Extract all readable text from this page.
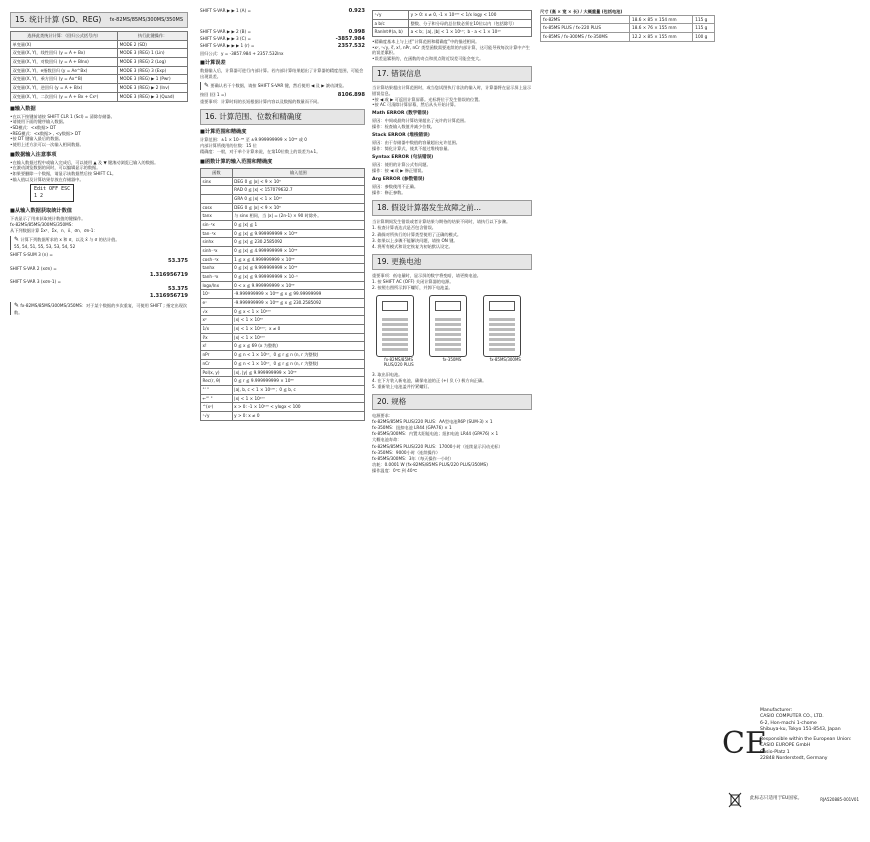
15. 统计计算 (SD、REG) fx-82MS/85MS/300MS/350MS
选择此类统计计算：（回归公式括号内）	执行此键操作：
单变量(X)	MODE 2 (SD)
双变量(X, Y)，线性回归 (y = A + Bx)	MODE 3 (REG) 1 (Lin)
双变量(X, Y)，对数回归 (y = A + Blnx)	MODE 3 (REG) 2 (Log)
双变量(X, Y)，e指数回归 (y = Ae^Bx)	MODE 3 (REG) 3 (Exp)
双变量(X, Y)，乘方回归 (y = Ax^B)	MODE 3 (REG) ▶ 1 (Pwr)
双变量(X, Y)，逆回归 (y = A + B/x)	MODE 3 (REG) ▶ 2 (Inv)
双变量(X, Y)，二次回归 (y = A + Bx + Cx²)	MODE 3 (REG) ▶ 3 (Quad)
■ 输入数据
• 在以下按键前请按 SHIFT CLR 1 (Scl) = 清除存储器。
• 请使用下面的键序输入数据。
• SD模式：<x数据> DT
• REG模式：<x数据> , <y数据> DT
• 按 DT 键输入最后的数据。
• 使用上述方法可以一次输入相同数据。
■ 数据输入注意事项
• 在输入数据过程中或输入完成后，可以使用 ▲ 及 ▼ 键滚动浏览已输入的数据。
• 在滚动浏览数据的同时，可以编辑显示的数据。
• 如果要删除一个数据，请显示该数据然后按 SHIFT CL。
• 输入值以及计算结果存放在存储器中。
Edit OFF ESC
1 2
■ 从输入数据获取统计数值

下表显示了用来获取统计数值的键操作。

fx-82MS/85MS/300MS/350MS：

从下列数据计算 Σx²、Σx、n、x̄、σn、σn-1：

✎ 计算下列数据所求的 x 和 σ，以及 x̄ 与 σ 的估计值。

55, 54, 51, 55, 53, 53, 54, 52

SHIFT S-SUM 3 (n) =

53.375

SHIFT S-VAR 2 (xσn) =

1.316956719

SHIFT S-VAR 3 (xσn-1) =

53.375
1.316956719
✎ fx-82MS/85MS/300MS/350MS：对于某个数据的多次重复，可使用 SHIFT ; 指定出现次数。
SHIFT S-VAR ▶ ▶ 1 (A) =	0.923
SHIFT S-VAR ▶ ▶ 2 (B) =	0.998
SHIFT S-VAR ▶ ▶ 3 (C) =	-3857.984
SHIFT S-VAR ▶ ▶ ▶ 1 (r) =	2357.532

回归公式：y = -3857.984 + 2357.532lnx

■ 计算误差

数据输入后，计算器可进行内部计算。若内部计算结果超出了计算器的精度范围，可能会出现误差。

✎ 要确认若干个数据，请按 SHIFT S-VAR 键，然后使用 ◀ 及 ▶ 滚动浏览。
按回 (回 1 =)	8106.898

重要事项：计算时间的长短根据计算内容以及数据的数量而不同。

16. 计算范围、位数和精确度
■ 计算范围和精确度

计算范围：±1 × 10⁻⁹⁹ 至 ±9.999999999 × 10⁹⁹ 或 0

内部计算所使用的位数：15 位

精确度：一般，对于单个计算来说，在第10位数上的误差为±1。

■ 函数计算的输入范围和精确度
函数	输入范围
sinx	DEG 0 ≦ |x| < 9 × 10⁹
	RAD 0 ≦ |x| < 157079632.7
	GRA 0 ≦ |x| < 1 × 10¹⁰
cosx	DEG 0 ≦ |x| < 9 × 10⁹
tanx	与 sinx 相同，当 |x| = (2n-1) × 90 时除外。
sin⁻¹x	0 ≦ |x| ≦ 1
tan⁻¹x	0 ≦ |x| ≦ 9.999999999 × 10⁹⁹
sinhx	0 ≦ |x| ≦ 230.2585092
sinh⁻¹x	0 ≦ |x| ≦ 4.999999999 × 10⁹⁹
cosh⁻¹x	1 ≦ x ≦ 4.999999999 × 10⁹⁹
tanhx	0 ≦ |x| ≦ 9.999999999 × 10⁹⁹
tanh⁻¹x	0 ≦ |x| ≦ 9.999999999 × 10⁻¹
logx/lnx	0 < x ≦ 9.999999999 × 10⁹⁹
10ˣ	-9.999999999 × 10⁹⁹ ≦ x ≦ 99.99999999
eˣ	-9.999999999 × 10⁹⁹ ≦ x ≦ 230.2585092
√x	0 ≦ x < 1 × 10¹⁰⁰
x²	|x| < 1 × 10⁵⁰
1/x	|x| < 1 × 10¹⁰⁰；x ≠ 0
∛x	|x| < 1 × 10¹⁰⁰
x!	0 ≦ x ≦ 69 (x 为整数)
nPr	0 ≦ n < 1 × 10¹⁰，0 ≦ r ≦ n (n, r 为整数)
nCr	0 ≦ n < 1 × 10¹⁰，0 ≦ r ≦ n (n, r 为整数)
Pol(x, y)	|x|, |y| ≦ 9.999999999 × 10⁹⁹
Rec(r, θ)	0 ≦ r ≦ 9.999999999 × 10⁹⁹
°' "	|a|, b, c < 1 × 10¹⁰⁰；0 ≦ b, c
←°' "	|x| < 1 × 10¹⁰⁰
^(xʸ)	x > 0: -1 × 10¹⁰⁰ < ylogx < 100
ˣ√y	y > 0: x ≠ 0
ˣ√y	y > 0: x ≠ 0, -1 × 10¹⁰⁰ < 1/x logy < 100
a b/c	整数、分子和分母的总位数必须在10位以内（包括除号）
RanInt#(a, b)	a < b；|a|, |b| < 1 × 10¹⁰；b - a < 1 × 10¹⁰
• 精确度基本上与上述“计算范围和精确度”中的描述相同。
• xʸ, ˣ√y, ∛, x!, nPr, nCr 类型函数需要连续的内部计算，这可能导致每次计算中产生的误差累积。
• 误差是累积的，在函数的奇点和拐点附近误差可能会变大。
17. 错误信息

当计算结果超出计算范围时，或当您试图执行非法的输入时，计算器将在显示屏上显示错误信息。

• 按 ◀ 或 ▶ 可返回计算屏幕。光标将位于发生错误的位置。
• 按 AC 可清除计算屏幕，然后从头开始计算。
Math ERROR (数学错误)

原因：中间或最终计算结果超出了允许的计算范围。

操作：检查输入数值并减少位数。

Stack ERROR (堆栈错误)

原因：由于存储器中数值的容量超出允许范围。

操作：简化计算式，使其不超过堆栈容量。

Syntax ERROR (句法错误)

原因：使用的计算公式有问题。

操作：按 ◀ 或 ▶ 修正错误。

Arg ERROR (参数错误)

原因：参数使用不正确。

操作：修正参数。

18. 假设计算器发生故障之前...

当计算期间发生错误或者计算结果与期待的结果不同时，请执行以下步骤。

1. 检查计算表达式是否包含错误。

2. 确保对所执行的计算类型使用了正确的模式。

3. 如果以上步骤不能解决问题，请按 ON 键。

4. 将所有模式和设定恢复为初始默认设定。

19. 更换电池

重要事项：低电量时，显示屏的数字将变暗，请更换电池。

1. 按 SHIFT AC (OFF) 关闭计算器的电源。

2. 按照右图所示卸下螺钉，并卸下电池盖。

fx-82MS/85MS PLUS/220 PLUS
fx-350MS	fx-85MS/300MS

3. 取出旧电池。

4. 在下方装入新电池，确保电池的正 (+) 负 (-) 极方向正确。

5. 重新装上电池盖并拧紧螺钉。

20. 规格

电源要求：

fx-82MS/85MS PLUS/220 PLUS：AA型电池R6P (SUM-3) × 1

fx-350MS：纽扣电池 LR44 (GPA76) × 1

fx-85MS/300MS：内置太阳能电池；纽扣电池 LR44 (GPA76) × 1

大概电池寿命：

fx-82MS/85MS PLUS/220 PLUS：17000小时（连续显示闪动光标）

fx-350MS：9000小时（连续操作）

fx-85MS/300MS：3年（每天操作一小时）

功耗：0.0001 W (fx-82MS/85MS PLUS/220 PLUS/350MS)

操作温度：0℃ 到 40℃

尺寸 (高 × 宽 × 长) / 大概重量 (包括电池)

fx-82MS	18.6 × 85 × 154 mm	115 g
fx-85MS PLUS / fx-220 PLUS	18.6 × 76 × 155 mm	115 g
fx-85MS / fx-300MS / fx-350MS	12.2 × 85 × 155 mm	100 g
CE
Manufacturer:
CASIO COMPUTER CO., LTD.
6-2, Hon-machi 1-chome
Shibuya-ku, Tokyo 151-8543, Japan
Responsible within the European Union:
CASIO EUROPE GmbH
Casio-Platz 1
22848 Norderstedt, Germany
此标志只适用于EU国家。	RJA520885-001V01
